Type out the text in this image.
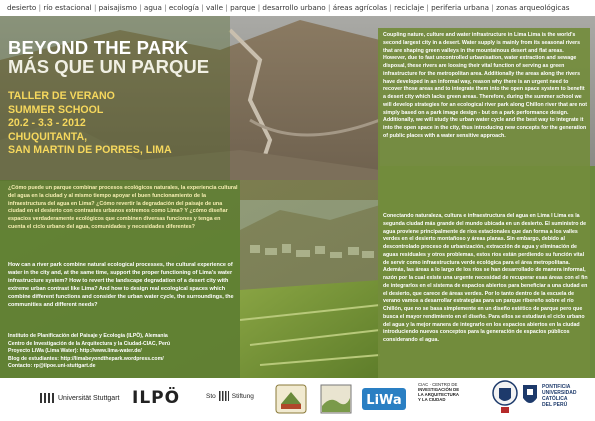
desierto | río estacional | paisajismo | agua | ecología | valle | parque | desarrollo urbano | áreas agrícolas | reciclaje | periferia urbana | zonas arqueológicas
BEYOND THE PARK
MÁS QUE UN PARQUE
TALLER DE VERANO
SUMMER SCHOOL
20.2 - 3.3 - 2012
CHUQUITANTA,
SAN MARTIN DE PORRES, LIMA
¿Cómo puede un parque combinar procesos ecológicos naturales, la experiencia cultural del agua en la ciudad y al mismo tiempo apoyar el buen funcionamiento de la infraestructura del agua en Lima? ¿Cómo revertir la degradación del paisaje de una ciudad en el desierto con contrastes urbanos extremos como Lima? Y ¿cómo diseñar espacios verdaderamente ecológicos que combinen diversas funciones y tenga en cuenta el ciclo urbano del agua, comunidades y necesidades diferentes?
How can a river park combine natural ecological processes, the cultural experience of water in the city and, at the same time, support the proper functioning of Lima's water infrastructure system? How to revert the landscape degradation of a desert city with extreme urban contrast like Lima? And how to design real ecological spaces which combine different functions and consider the urban water cycle, the surroundings, the communities and different needs?
Instituto de Planificación del Paisaje y Ecología (ILPÖ), Alemania
Centro de Investigación de la Arquitectura y la Ciudad-CIAC, Perú
Proyecto LiWa (Lima Water): http://www.lima-water.de/
Blog de estudiantes: http://limabeyondthepark.wordpress.com/
Contacto: rp@ilpoe.uni-stuttgart.de
Coupling nature, culture and water infrastructure in Lima Lima is the world's second largest city in a desert. Water supply is mainly from its seasonal rivers that are shaping green valleys in the mountainous desert and flat areas. However, due to fast uncontrolled urbanisation, water extraction and sewage disposal, these rivers are loosing their vital function of serving as green infrastructure for the metropolitan area. Additionally the areas along the rivers have developed in an informal way, reason why there is an urgent need to recover those areas and to integrate them into the open space system to benefit a desert city which lacks green areas. Therefore, during the summer school we will develop strategies for an ecological river park along Chillon river that are not simply based on a park image design - but on a park performance design. Additionally, we will study the urban water cycle and the best way to integrate it into the open space in the city, thus introducing new concepts for the generation of public places with a water sensitive approach.
Conectando naturaleza, cultura e infraestructura del agua en Lima I Lima es la segunda ciudad más grande del mundo ubicada en un desierto. El suministro de agua proviene principalmente de ríos estacionales que dan forma a los valles verdes en el desierto montañoso y áreas planas. Sin embargo, debido al descontrolado proceso de urbanización, extracción de agua y eliminación de aguas residuales y otros problemas, estos ríos están perdiendo su función vital de servir como infraestructura verde ecológica para el área metropolitana. Además, las áreas a lo largo de los ríos se han desarrollado de manera informal, razón por la cual existe una urgente necesidad de recuperar esas áreas con el fin de integrarlos en el sistema de espacios abiertos para beneficiar a una ciudad en el desierto, que carece de áreas verdes. Por lo tanto dentro de la escuela de verano vamos a desarrollar estrategias para un parque ribereño sobre el río Chillón, que no se basa simplemente en un diseño estético de parque pero que busca el mayor rendimiento en el diseño. Para ellos se estudiará el ciclo urbano del agua y la mejor manera de integrarlo en los espacios abiertos en la ciudad introduciendo nuevos conceptos para la generación de espacios públicos considerando el agua.
Universität Stuttgart ILPÖ	Sto Stiftung	LiWa
CIAC · CENTRO DE
INVESTIGACIÓN DE
LA ARQUITECTURA
Y LA CIUDAD
PONTIFICIA
UNIVERSIDAD
CATÓLICA
DEL PERÚ
